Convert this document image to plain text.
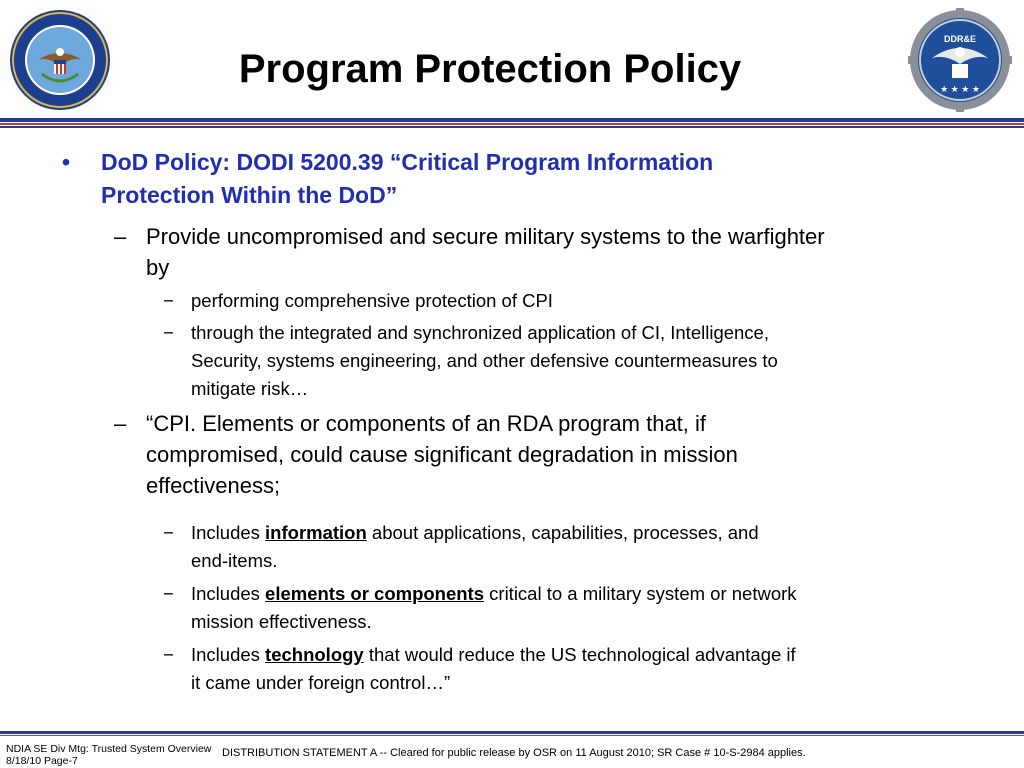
DDR&E
★ ★ ★ ★
Program Protection Policy
• DoD Policy: DODI 5200.39 “Critical Program Information
Protection Within the DoD”
– Provide uncompromised and secure military systems to the warfighter
by
− performing comprehensive protection of CPI
− through the integrated and synchronized application of CI, Intelligence,
Security, systems engineering, and other defensive countermeasures to
mitigate risk…
– “CPI. Elements or components of an RDA program that, if
compromised, could cause significant degradation in mission
effectiveness;
− Includes information about applications, capabilities, processes, and
end-items.
− Includes elements or components critical to a military system or network
mission effectiveness.
− Includes technology that would reduce the US technological advantage if
it came under foreign control…”
NDIA SE Div Mtg: Trusted System Overview
8/18/10 Page-7
DISTRIBUTION STATEMENT A -- Cleared for public release by OSR on 11 August 2010; SR Case # 10-S-2984 applies.
